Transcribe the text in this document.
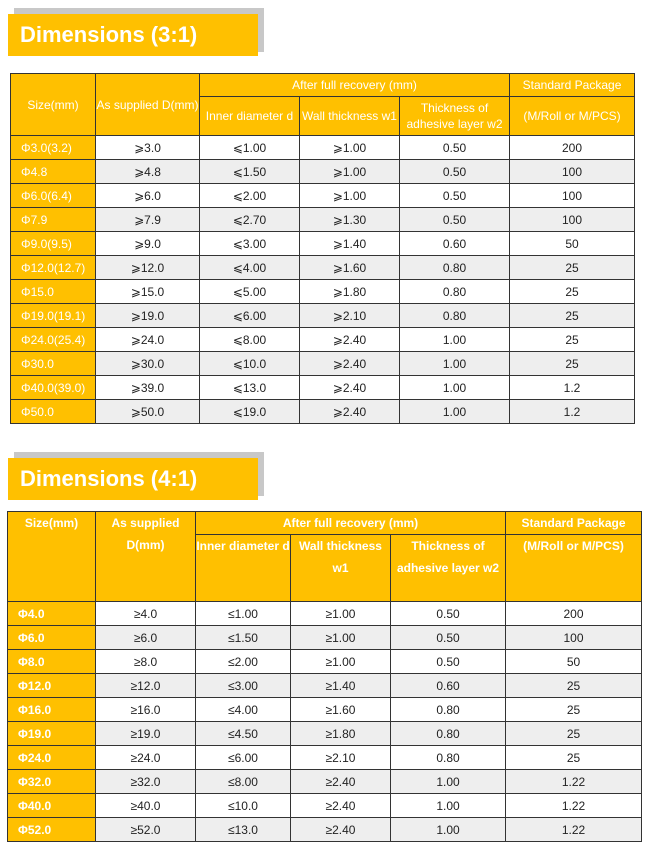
Dimensions (3:1)
Size(mm)	As supplied D(mm)	After full recovery (mm)			Standard Package
		Inner diameter d	Wall thickness w1	Thickness of adhesive layer w2	(M/Roll or M/PCS)
Φ3.0(3.2)	⩾3.0	⩽1.00	⩾1.00	0.50	200
Φ4.8	⩾4.8	⩽1.50	⩾1.00	0.50	100
Φ6.0(6.4)	⩾6.0	⩽2.00	⩾1.00	0.50	100
Φ7.9	⩾7.9	⩽2.70	⩾1.30	0.50	100
Φ9.0(9.5)	⩾9.0	⩽3.00	⩾1.40	0.60	50
Φ12.0(12.7)	⩾12.0	⩽4.00	⩾1.60	0.80	25
Φ15.0	⩾15.0	⩽5.00	⩾1.80	0.80	25
Φ19.0(19.1)	⩾19.0	⩽6.00	⩾2.10	0.80	25
Φ24.0(25.4)	⩾24.0	⩽8.00	⩾2.40	1.00	25
Φ30.0	⩾30.0	⩽10.0	⩾2.40	1.00	25
Φ40.0(39.0)	⩾39.0	⩽13.0	⩾2.40	1.00	1.2
Φ50.0	⩾50.0	⩽19.0	⩾2.40	1.00	1.2
Dimensions (4:1)
Size(mm)	As supplied D(mm)	After full recovery (mm)			Standard Package
		Inner diameter d	Wall thickness w1	Thickness of adhesive layer w2	(M/Roll or M/PCS)
Φ4.0	≥4.0	≤1.00	≥1.00	0.50	200
Φ6.0	≥6.0	≤1.50	≥1.00	0.50	100
Φ8.0	≥8.0	≤2.00	≥1.00	0.50	50
Φ12.0	≥12.0	≤3.00	≥1.40	0.60	25
Φ16.0	≥16.0	≤4.00	≥1.60	0.80	25
Φ19.0	≥19.0	≤4.50	≥1.80	0.80	25
Φ24.0	≥24.0	≤6.00	≥2.10	0.80	25
Φ32.0	≥32.0	≤8.00	≥2.40	1.00	1.22
Φ40.0	≥40.0	≤10.0	≥2.40	1.00	1.22
Φ52.0	≥52.0	≤13.0	≥2.40	1.00	1.22
